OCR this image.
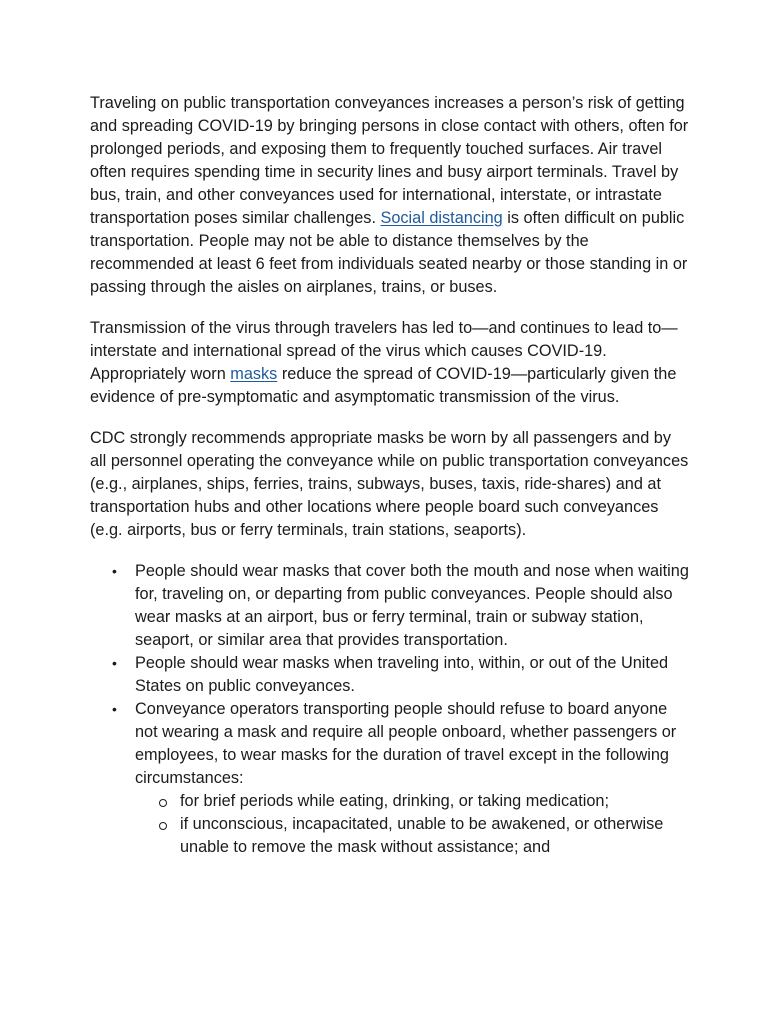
Traveling on public transportation conveyances increases a person’s risk of getting and spreading COVID-19 by bringing persons in close contact with others, often for prolonged periods, and exposing them to frequently touched surfaces. Air travel often requires spending time in security lines and busy airport terminals. Travel by bus, train, and other conveyances used for international, interstate, or intrastate transportation poses similar challenges. Social distancing is often difficult on public transportation. People may not be able to distance themselves by the recommended at least 6 feet from individuals seated nearby or those standing in or passing through the aisles on airplanes, trains, or buses.

Transmission of the virus through travelers has led to—and continues to lead to—interstate and international spread of the virus which causes COVID-19. Appropriately worn masks reduce the spread of COVID-19—particularly given the evidence of pre-symptomatic and asymptomatic transmission of the virus.

CDC strongly recommends appropriate masks be worn by all passengers and by all personnel operating the conveyance while on public transportation conveyances (e.g., airplanes, ships, ferries, trains, subways, buses, taxis, ride-shares) and at transportation hubs and other locations where people board such conveyances (e.g. airports, bus or ferry terminals, train stations, seaports).

• People should wear masks that cover both the mouth and nose when waiting for, traveling on, or departing from public conveyances. People should also wear masks at an airport, bus or ferry terminal, train or subway station, seaport, or similar area that provides transportation.
• People should wear masks when traveling into, within, or out of the United States on public conveyances.
• Conveyance operators transporting people should refuse to board anyone not wearing a mask and require all people onboard, whether passengers or employees, to wear masks for the duration of travel except in the following circumstances:
for brief periods while eating, drinking, or taking medication;
if unconscious, incapacitated, unable to be awakened, or otherwise unable to remove the mask without assistance; and
